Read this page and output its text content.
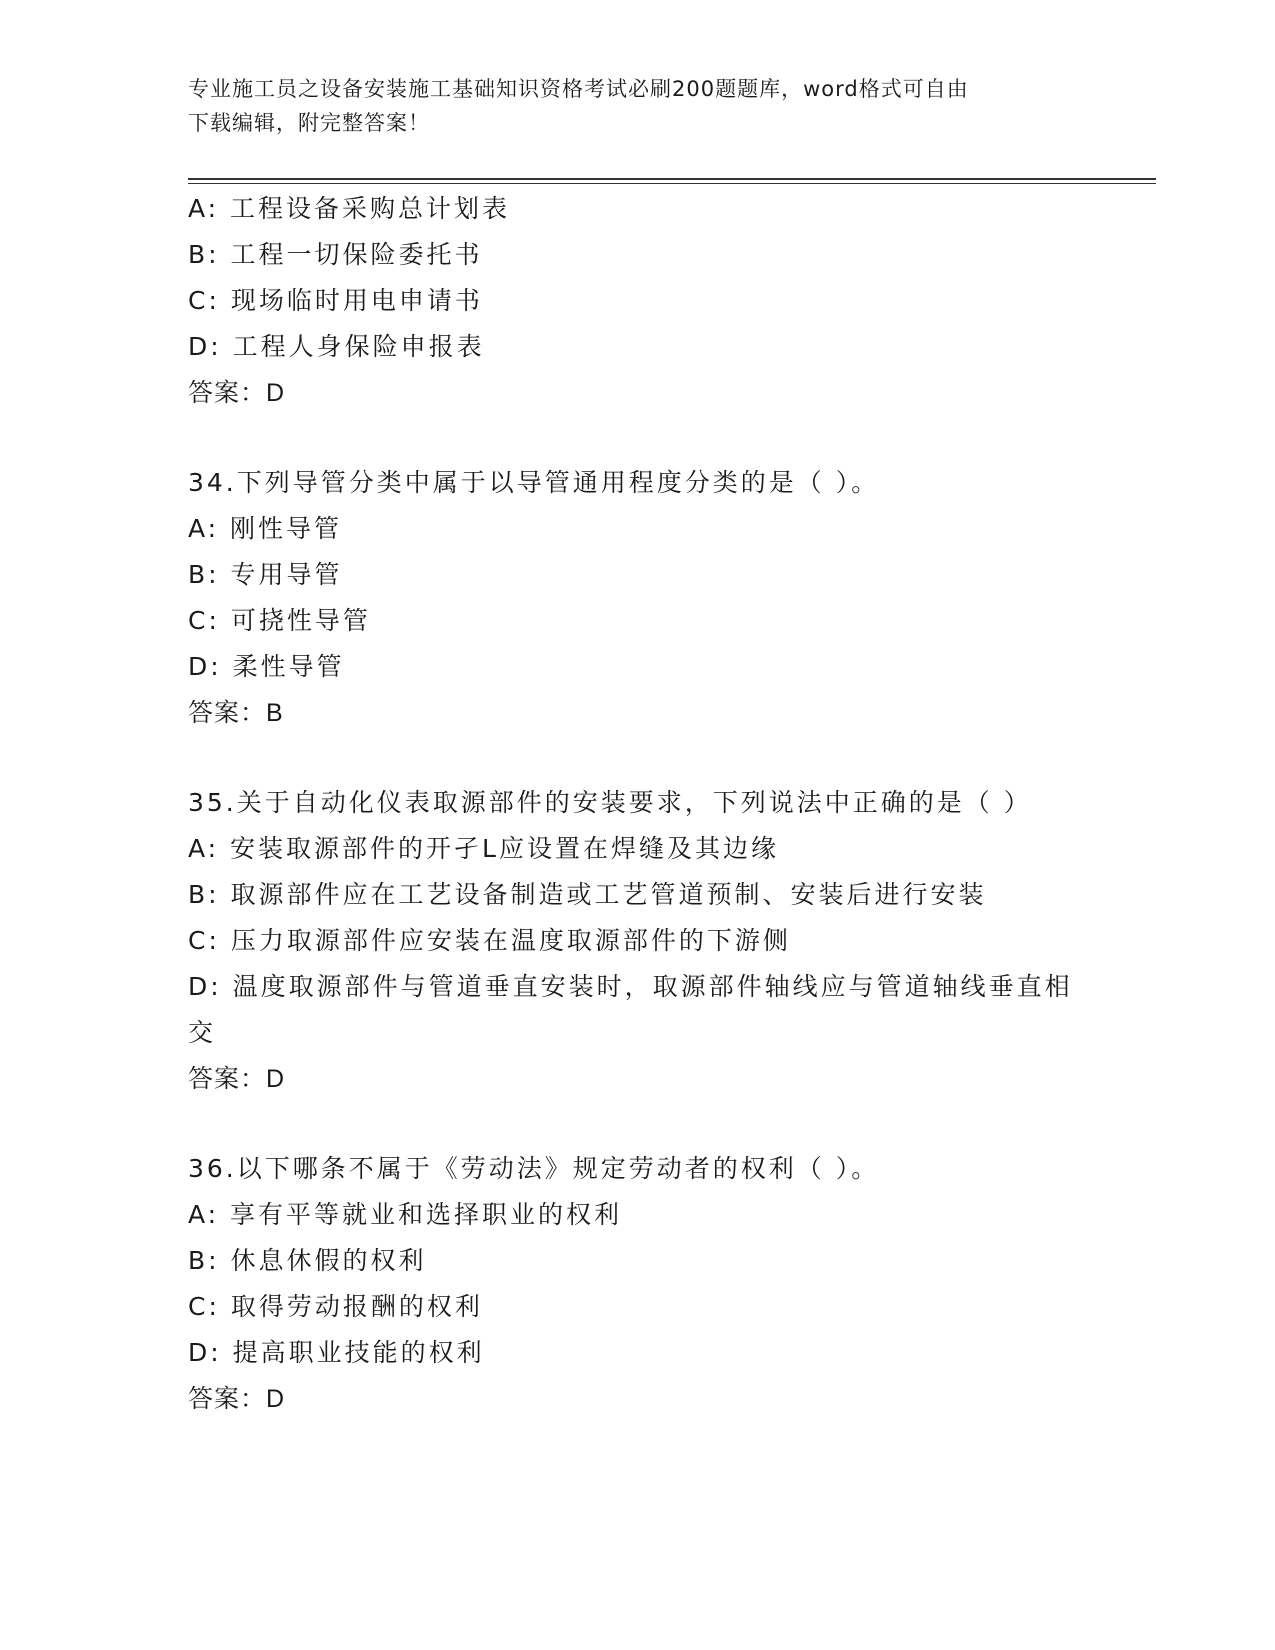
专业施工员之设备安装施工基础知识资格考试必刷200题题库，word格式可自由
下载编辑，附完整答案！
A: 工程设备采购总计划表
B: 工程一切保险委托书
C: 现场临时用电申请书
D: 工程人身保险申报表
答案：D
34.下列导管分类中属于以导管通用程度分类的是（ ）。
A: 刚性导管
B: 专用导管
C: 可挠性导管
D: 柔性导管
答案：B
35.关于自动化仪表取源部件的安装要求，下列说法中正确的是（ ）
A: 安装取源部件的开孑L应设置在焊缝及其边缘
B: 取源部件应在工艺设备制造或工艺管道预制、安装后进行安装
C: 压力取源部件应安装在温度取源部件的下游侧
D: 温度取源部件与管道垂直安装时，取源部件轴线应与管道轴线垂直相交
答案：D
36.以下哪条不属于《劳动法》规定劳动者的权利（ ）。
A: 享有平等就业和选择职业的权利
B: 休息休假的权利
C: 取得劳动报酬的权利
D: 提高职业技能的权利
答案：D
